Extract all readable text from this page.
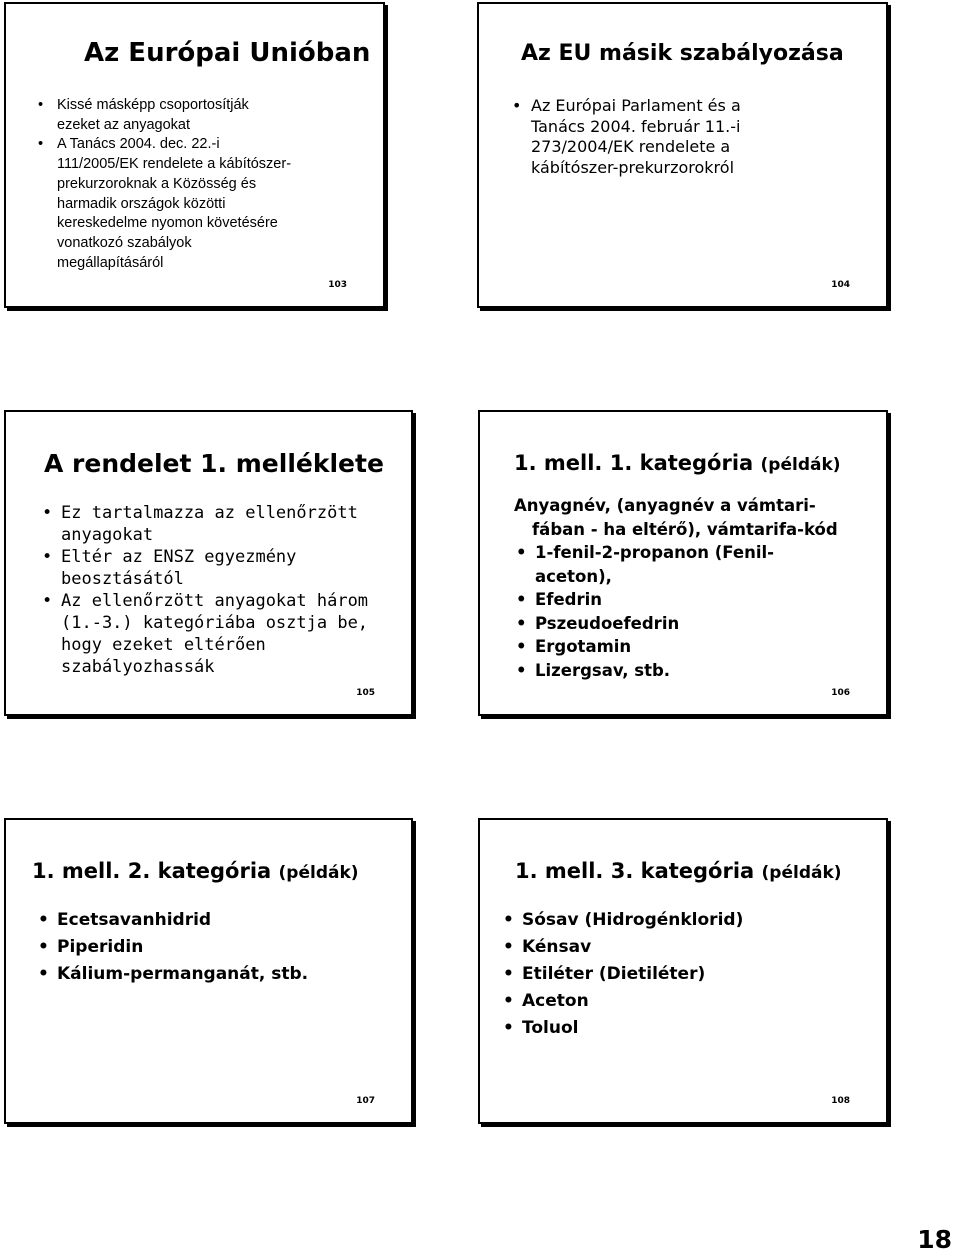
Az Európai Unióban
• Kissé másképp csoportosítják
ezeket az anyagokat
• A Tanács 2004. dec. 22.-i
111/2005/EK rendelete a kábítószer-
prekurzoroknak a Közösség és
harmadik országok közötti
kereskedelme nyomon követésére
vonatkozó szabályok
megállapításáról
103
Az EU másik szabályozása
• Az Európai Parlament és a
Tanács 2004. február 11.-i
273/2004/EK rendelete a
kábítószer-prekurzorokról
104
A rendelet 1. melléklete
• Ez tartalmazza az ellenőrzött
anyagokat
• Eltér az ENSZ egyezmény
beosztásától
• Az ellenőrzött anyagokat három
(1.-3.) kategóriába osztja be,
hogy ezeket eltérően
szabályozhassák
105
1. mell. 1. kategória (példák)
Anyagnév, (anyagnév a vámtari-
fában - ha eltérő), vámtarifa-kód
• 1-fenil-2-propanon (Fenil-
aceton),
• Efedrin
• Pszeudoefedrin
• Ergotamin
• Lizergsav, stb.
106
1. mell. 2. kategória (példák)
• Ecetsavanhidrid
• Piperidin
• Kálium-permanganát, stb.
107
1. mell. 3. kategória (példák)
• Sósav (Hidrogénklorid)
• Kénsav
• Etiléter (Dietiléter)
• Aceton
• Toluol
108
18
